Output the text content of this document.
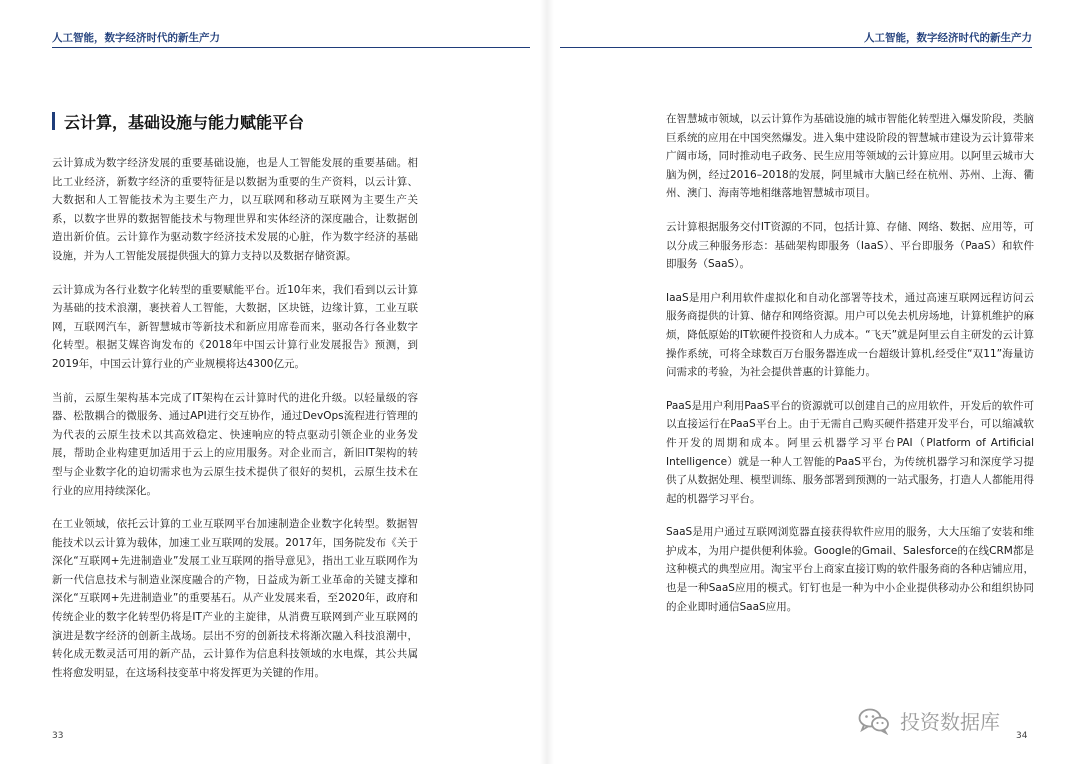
人工智能，数字经济时代的新生产力	人工智能，数字经济时代的新生产力
云计算，基础设施与能力赋能平台

云计算成为数字经济发展的重要基础设施，也是人工智能发展的重要基础。相比工业经济，新数字经济的重要特征是以数据为重要的生产资料，以云计算、大数据和人工智能技术为主要生产力，以互联网和移动互联网为主要生产关系，以数字世界的数据智能技术与物理世界和实体经济的深度融合，让数据创造出新价值。云计算作为驱动数字经济技术发展的心脏，作为数字经济的基础设施，并为人工智能发展提供强大的算力支持以及数据存储资源。

云计算成为各行业数字化转型的重要赋能平台。近10年来，我们看到以云计算为基础的技术浪潮，裹挟着人工智能，大数据，区块链，边缘计算，工业互联网，互联网汽车，新智慧城市等新技术和新应用席卷而来，驱动各行各业数字化转型。根据艾媒咨询发布的《2018年中国云计算行业发展报告》预测，到2019年，中国云计算行业的产业规模将达4300亿元。

当前，云原生架构基本完成了IT架构在云计算时代的进化升级。以轻量级的容器、松散耦合的微服务、通过API进行交互协作，通过DevOps流程进行管理的为代表的云原生技术以其高效稳定、快速响应的特点驱动引领企业的业务发展，帮助企业构建更加适用于云上的应用服务。对企业而言，新旧IT架构的转型与企业数字化的迫切需求也为云原生技术提供了很好的契机，云原生技术在行业的应用持续深化。

在工业领域，依托云计算的工业互联网平台加速制造企业数字化转型。数据智能技术以云计算为载体，加速工业互联网的发展。2017年，国务院发布《关于深化“互联网+先进制造业”发展工业互联网的指导意见》，指出工业互联网作为新一代信息技术与制造业深度融合的产物，日益成为新工业革命的关键支撑和深化“互联网+先进制造业”的重要基石。从产业发展来看，至2020年，政府和传统企业的数字化转型仍将是IT产业的主旋律，从消费互联网到产业互联网的演进是数字经济的创新主战场。层出不穷的创新技术将渐次融入科技浪潮中，转化成无数灵活可用的新产品，云计算作为信息科技领域的水电煤，其公共属性将愈发明显，在这场科技变革中将发挥更为关键的作用。

在智慧城市领域，以云计算作为基础设施的城市智能化转型进入爆发阶段，类脑巨系统的应用在中国突然爆发。进入集中建设阶段的智慧城市建设为云计算带来广阔市场，同时推动电子政务、民生应用等领域的云计算应用。以阿里云城市大脑为例，经过2016–2018的发展，阿里城市大脑已经在杭州、苏州、上海、衢州、澳门、海南等地相继落地智慧城市项目。

云计算根据服务交付IT资源的不同，包括计算、存储、网络、数据、应用等，可以分成三种服务形态：基础架构即服务（IaaS）、平台即服务（PaaS）和软件即服务（SaaS）。

IaaS是用户利用软件虚拟化和自动化部署等技术，通过高速互联网远程访问云服务商提供的计算、储存和网络资源。用户可以免去机房场地，计算机维护的麻烦，降低原始的IT软硬件投资和人力成本。“飞天”就是阿里云自主研发的云计算操作系统，可将全球数百万台服务器连成一台超级计算机,经受住“双11”海量访问需求的考验，为社会提供普惠的计算能力。

PaaS是用户利用PaaS平台的资源就可以创建自己的应用软件，开发后的软件可以直接运行在PaaS平台上。由于无需自己购买硬件搭建开发平台，可以缩减软件开发的周期和成本。阿里云机器学习平台PAI（Platform of Artificial Intelligence）就是一种人工智能的PaaS平台，为传统机器学习和深度学习提供了从数据处理、模型训练、服务部署到预测的一站式服务，打造人人都能用得起的机器学习平台。

SaaS是用户通过互联网浏览器直接获得软件应用的服务，大大压缩了安装和维护成本，为用户提供便利体验。Google的Gmail、Salesforce的在线CRM都是这种模式的典型应用。淘宝平台上商家直接订购的软件服务商的各种店铺应用，也是一种SaaS应用的模式。钉钉也是一种为中小企业提供移动办公和组织协同的企业即时通信SaaS应用。

33	34
投资数据库
